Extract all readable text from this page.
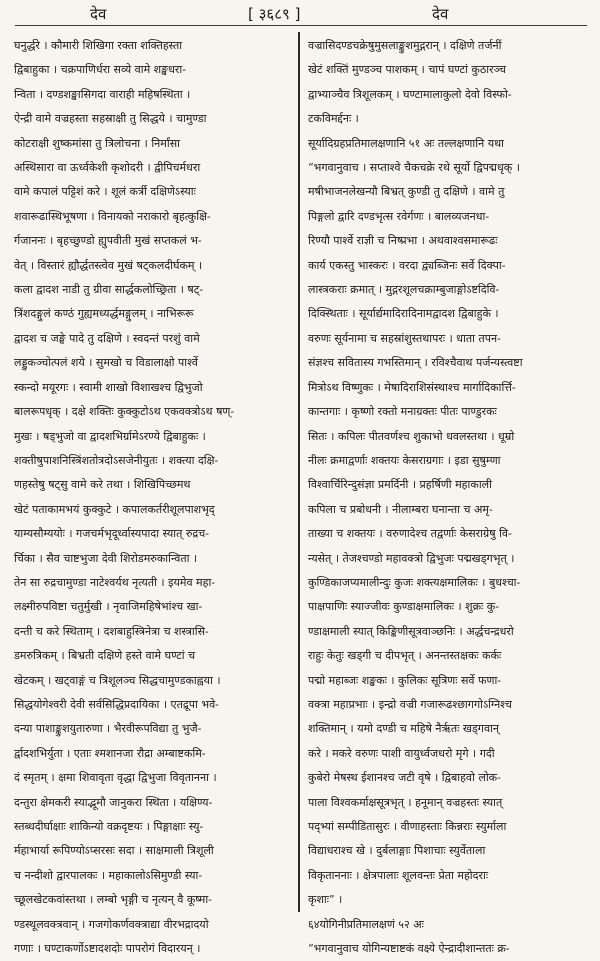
देव	[ ३६८९ ]	देव
घनुर्द्धरे । कौमारी शिखिगा रक्ता शक्तिहस्ता
द्विबाहुका । चक्रपाणिर्धरा सव्ये वामे शङ्खधरा-
न्विता । दण्डशङ्खासिगदा वाराही महिषस्थिता ।
ऐन्द्री वामे वज्रहस्ता सहस्राक्षी तु सिद्धये । चामुण्डा
कोटराक्षी शुष्कमांसा तु त्रिलोचना । निर्मांसा
अस्थिसारा वा ऊर्ध्वकेशी कृशोदरी । द्वीपिचर्मधरा
वामे कपालं पट्टिशं करे । शूलं कर्त्री दक्षिणेऽस्याः
शवारूढास्थिभूषणा । विनायको नराकारो बृहत्कुक्षि-
र्गजाननः । बृहच्छुण्डो ह्युपवीती मुखं सप्तकलं भ-
वेत् । विस्तारं ह्यौर्द्धतस्त्वेव मुखं षट्कलदीर्घकम् ।
कला द्वादश नाडी तु ग्रीवा सार्द्धकलोच्छ्रिता । षट्-
त्रिंशदङ्गुलं कण्ठं गुह्यमध्यर्द्धमङ्गुलम् । नाभिरूरू
द्वादश च जङ्घे पादे तु दक्षिणे । स्वदन्तं परशुं वामे
लड्डुकञ्चोत्पलं शये । सुमखो च विडालाक्षो पार्श्वे
स्कन्दो मयूरगः । स्वामी शाखो विशाखश्च द्विभुजो
बालरूपधृक् । दक्षे शक्तिः कुक्कुटोऽथ एकवक्त्रोऽथ षण्-
मुखः । षड्भुजो वा द्वादशभिर्ग्रामेऽरण्ये द्विबाहुकः ।
शक्तीषुपाशनिस्त्रिंशतोत्रदोऽसजेनीयुतः । शक्त्या दक्षि-
णहस्तेषु षट्सु वामे करे तथा । शिखिपिच्छमथ
खेटं पताकामभयं कुक्कुटे । कपालकर्तरीशूलपाशभृद्
याम्यसौम्ययोः । गजचर्मभृदूर्ध्वास्यपादा स्यात् रुद्रच-
र्चिका । सैव चाष्टभुजा देवी शिरोडमरुकान्विता ।
तेन सा रुद्रचामुण्डा नाटेश्वर्यथ नृत्यती । इयमेव महा-
लक्ष्मीरुपविष्टा चतुर्मुखी । नृवाजिमहिषेभांश्च खा-
दन्ती च करे स्थिताम् । दशबाहुस्त्रिनेत्रा च शस्त्रासि-
डमरुत्रिकम् । बिभ्रती दक्षिणे हस्ते वामे घण्टां च
खेटकम् । खट्वाङ्गं च त्रिशूलञ्च सिद्धचामुण्डकाह्वया ।
सिद्धयोगेश्वरी देवी सर्वसिद्धिप्रदायिका । एतद्रूपा भवे-
दन्या पाशाङ्कुशयुतारुणा । भैरवीरूपविद्या तु भुजै-
र्द्वादशभिर्युता । एताः श्मशानजा रौद्रा अम्बाष्टकमि-
दं स्मृतम् । क्षमा शिवावृता वृद्धा द्विभुजा विवृतानना ।
दन्तुरा क्षेमकरी स्याद्भूमौ जानुकरा स्थिता । यक्षिण्य-
स्तब्धदीर्घाक्षाः शाकिन्यो वक्रदृष्टयः । पिङ्गाक्षाः स्यु-
र्महाभार्या रूपिण्योऽप्सरसः सदा । साक्षमाली त्रिशूली
च नन्दीशो द्वारपालकः । महाकालोऽसिमुण्डी स्या-
च्छूलखेटकवांस्तथा । लम्बो भृङ्गी च नृत्यन् वै कूष्मा-
ण्डस्थूलवक्त्रवान् । गजगोकर्णवक्त्राद्या वीरभद्रादयो
गणाः । घण्टाकर्णोऽष्टादशदोः पापरोगं विदारयन् ।
वज्रासिदण्डचक्रेषुमुसलाङ्कुशमुद्गरान् । दक्षिणे तर्जनीं
खेटं शक्तिं मुण्डञ्च पाशकम् । चापं घण्टां कुठारञ्च
द्वाभ्याञ्चैव त्रिशूलकम् । घण्टामालाकुलो देवो विस्फो-
टकविमर्द्दनः ।
सूर्यादिग्रहप्रतिमालक्षणानि ५१ अः तल्लक्षणानि यथा
“भगवानुवाच । सप्ताश्वे चैकचक्रे रथे सूर्यो द्विपद्मधृक् ।
मषीभाजनलेखन्यौ बिभ्रत् कुण्डी तु दक्षिणे । वामे तु
पिङ्गलो द्वारि दण्डभृत्स रवेर्गणः । बालव्यजनधा-
रिण्यौ पार्श्वे राज्ञी च निष्प्रभा । अथवाश्वसमारूढः
कार्य एकस्तु भास्करः । वरदा द्व्यब्जिनः सर्वे दिक्पा-
लास्त्रकराः क्रमात् । मुद्गरशूलचक्राम्बुजाङ्गोऽष्टदिवि-
दिक्स्थिताः । सूर्यार्द्यमादिरादिनामद्वादश द्विबाहुके ।
वरुणः सूर्यनामा च सहस्रांशुस्तथापरः । धाता तपन-
संज्ञश्च सवितास्य गभस्तिमान् । रविश्चैवाथ पर्जन्यस्त्वष्टा
मित्रोऽथ विष्णुकः । मेषादिराशिसंस्थाश्च मार्गादिकार्त्ति-
कान्तगाः । कृष्णो रक्तो मनाग्रक्तः पीतः पाण्डुरकः
सितः । कपिलः पीतवर्णश्च शुकाभो धवलस्तथा । धूम्रो
नीलः क्रमाद्वर्णाः शक्तयः केसराग्रगाः । इडा सुषुम्णा
विश्वार्चिरिन्दुसंज्ञा प्रमर्दिनी । प्रहर्षिणी महाकाली
कपिला च प्रबोधनी । नीलाम्बरा घनान्ता च अमृ-
ताख्या च शक्तयः । वरुणादेश्च तद्वर्णाः केसराग्रेषु वि-
न्यसेत् । तेजश्चण्डो महावक्त्रो द्विभुजः पद्मखड्गभृत् ।
कुण्डिकाजप्यमालीन्दुः कुजः शक्त्यक्षमालिकः । बुधश्चा-
पाक्षपाणिः स्याज्जीवः कुण्डाक्षमालिकः । शुक्रः कु-
ण्डाक्षमाली स्यात् किङ्किणीसूत्रवाञ्छनिः । अर्द्धचन्द्रधरो
राहुः केतुः खड्गी च दीपभृत् । अनन्तस्तक्षकः कर्कः
पद्मो महाब्जः शङ्खकः । कुलिकः सूत्रिणः सर्वे फणा-
वक्त्रा महाप्रभाः । इन्द्रो वज्री गजारूढश्छागगोऽग्निश्च
शक्तिमान् । यमो दण्डी च महिषे नैर्ऋतः खड्गवान्
करे । मकरे वरुणः पाशी वायुर्ध्वजधरो मृगे । गदी
कुबेरो मेषस्थ ईशानश्च जटी वृषे । द्विबाहवो लोक-
पाला विश्वकर्माक्षसूत्रभृत् । हनूमान् वज्रहस्तः स्यात्
पद्भ्यां सम्पीडितासुरः । वीणाहस्ताः किन्नराः स्युर्माला
विद्याधराश्च खे । दुर्बलाङ्गाः पिशाचाः स्युर्वेताला
विकृताननाः । क्षेत्रपालाः शूलवन्तः प्रेता महोदराः
कृशाः” ।
६४योगिनीप्रतिमालक्षणं ५२ अः
“भगवानुवाच योगिन्यष्टाष्टकं वक्ष्ये ऐन्द्रादीशान्ततः क्र-
